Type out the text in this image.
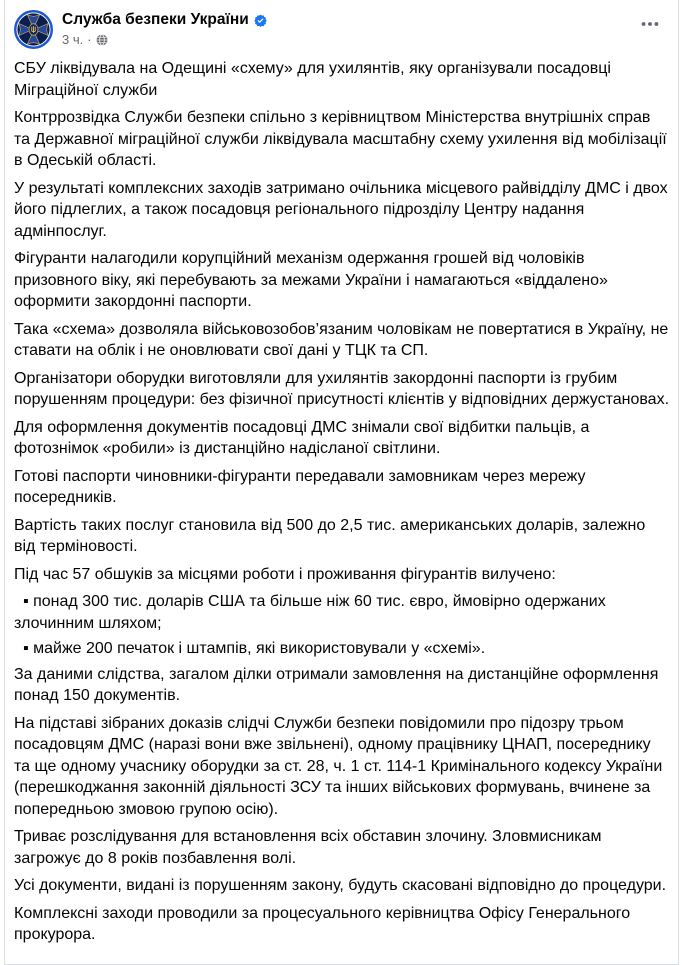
Служба безпеки України
3 ч. ·

СБУ ліквідувала на Одещині «схему» для ухилянтів, яку організували посадовці Міграційної служби

Контррозвідка Служби безпеки спільно з керівництвом Міністерства внутрішніх справ та Державної міграційної служби ліквідувала масштабну схему ухилення від мобілізації в Одеській області.

У результаті комплексних заходів затримано очільника місцевого райвідділу ДМС і двох його підлеглих, а також посадовця регіонального підрозділу Центру надання адмінпослуг.

Фігуранти налагодили корупційний механізм одержання грошей від чоловіків призовного віку, які перебувають за межами України і намагаються «віддалено» оформити закордонні паспорти.

Така «схема» дозволяла військовозобов’язаним чоловікам не повертатися в Україну, не ставати на облік і не оновлювати свої дані у ТЦК та СП.

Організатори оборудки виготовляли для ухилянтів закордонні паспорти із грубим порушенням процедури: без фізичної присутності клієнтів у відповідних держустановах.

Для оформлення документів посадовці ДМС знімали свої відбитки пальців, а фотознімок «робили» із дистанційно надісланої світлини.

Готові паспорти чиновники-фігуранти передавали замовникам через мережу посередників.

Вартість таких послуг становила від 500 до 2,5 тис. американських доларів, залежно від терміновості.

Під час 57 обшуків за місцями роботи і проживання фігурантів вилучено:

▪ понад 300 тис. доларів США та більше ніж 60 тис. євро, ймовірно одержаних злочинним шляхом;

▪ майже 200 печаток і штампів, які використовували у «схемі».

За даними слідства, загалом ділки отримали замовлення на дистанційне оформлення понад 150 документів.

На підставі зібраних доказів слідчі Служби безпеки повідомили про підозру трьом посадовцям ДМС (наразі вони вже звільнені), одному працівнику ЦНАП, посереднику та ще одному учаснику оборудки за ст. 28, ч. 1 ст. 114-1 Кримінального кодексу України (перешкоджання законній діяльності ЗСУ та інших військових формувань, вчинене за попередньою змовою групою осію).

Триває розслідування для встановлення всіх обставин злочину. Зловмисникам загрожує до 8 років позбавлення волі.

Усі документи, видані із порушенням закону, будуть скасовані відповідно до процедури.

Комплексні заходи проводили за процесуального керівництва Офісу Генерального прокурора.
